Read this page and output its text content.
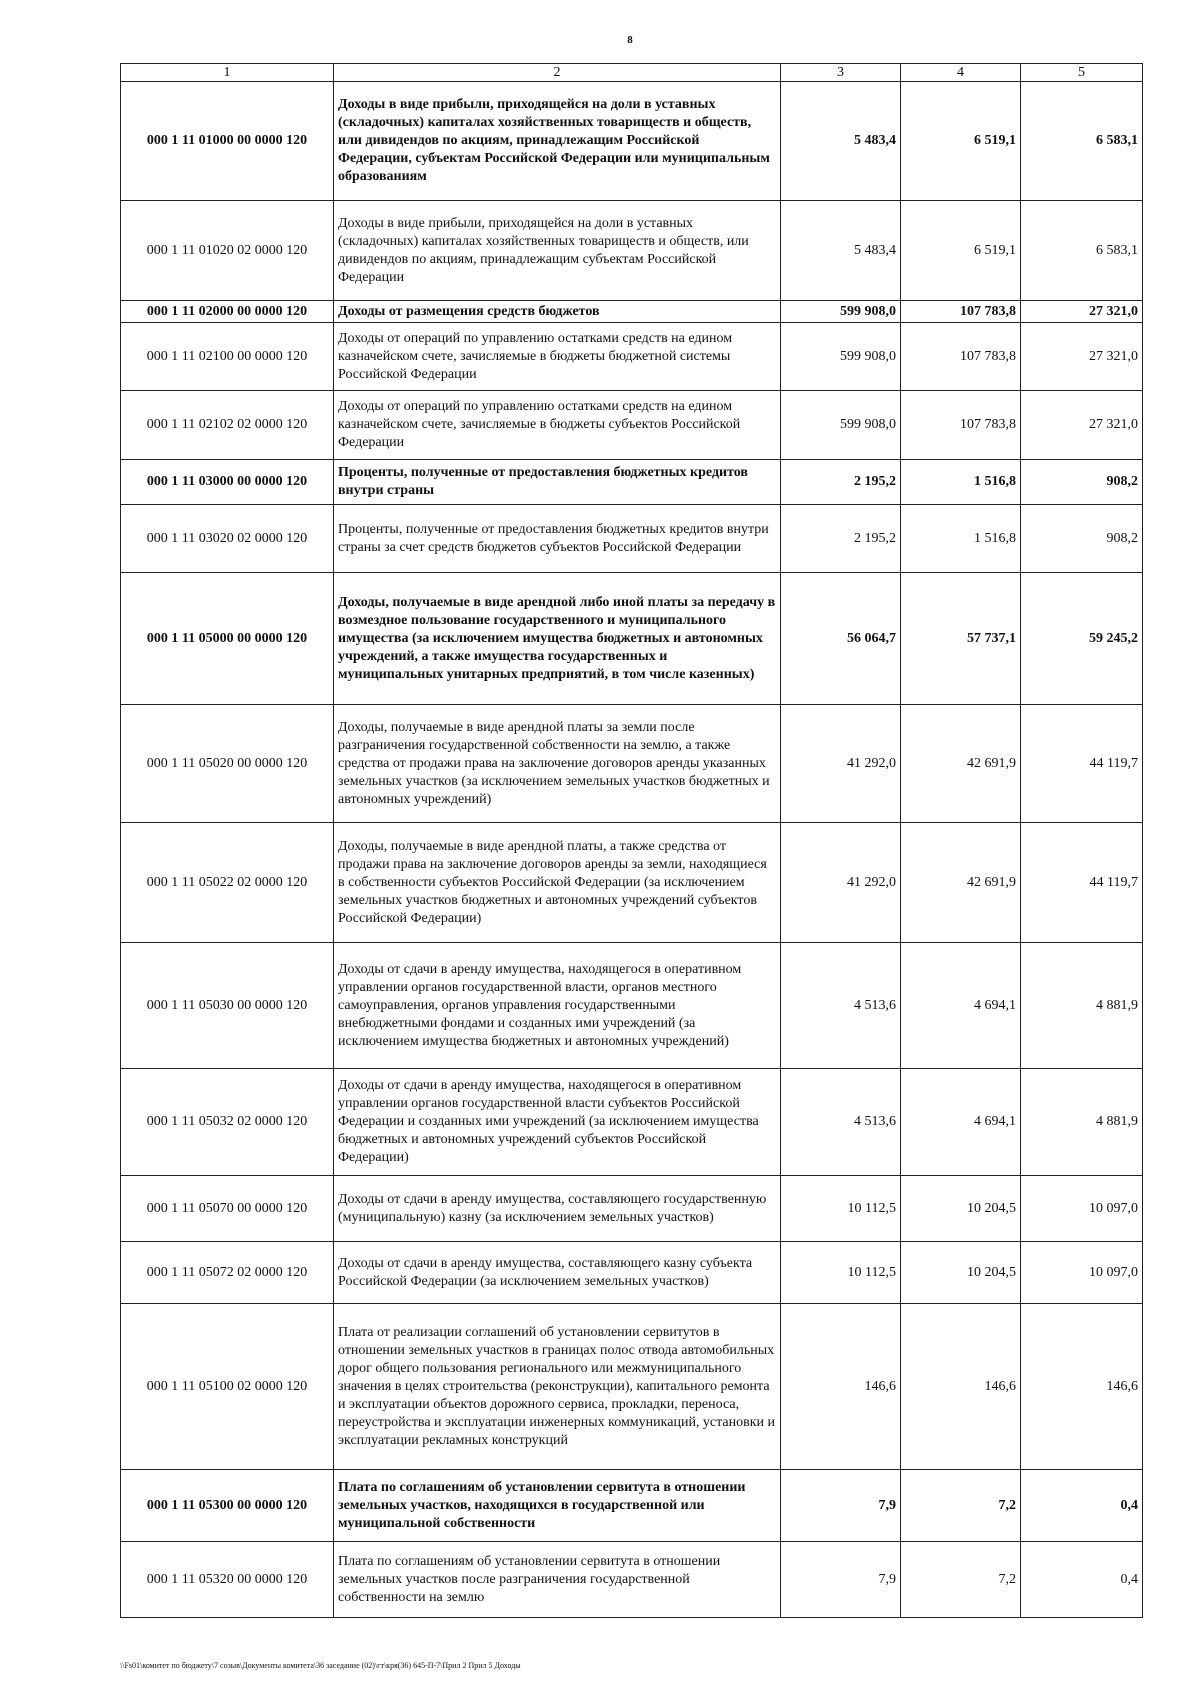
8
1	2	3	4	5
000 1 11 01000 00 0000 120	Доходы в виде прибыли, приходящейся на доли в уставных (складочных) капиталах хозяйственных товариществ и обществ, или дивидендов по акциям, принадлежащим Российской Федерации, субъектам Российской Федерации или муниципальным образованиям	5 483,4	6 519,1	6 583,1
000 1 11 01020 02 0000 120	Доходы в виде прибыли, приходящейся на доли в уставных (складочных) капиталах хозяйственных товариществ и обществ, или дивидендов по акциям, принадлежащим субъектам Российской Федерации	5 483,4	6 519,1	6 583,1
000 1 11 02000 00 0000 120	Доходы от размещения средств бюджетов	599 908,0	107 783,8	27 321,0
000 1 11 02100 00 0000 120	Доходы от операций по управлению остатками средств на едином казначейском счете, зачисляемые в бюджеты бюджетной системы Российской Федерации	599 908,0	107 783,8	27 321,0
000 1 11 02102 02 0000 120	Доходы от операций по управлению остатками средств на едином казначейском счете, зачисляемые в бюджеты субъектов Российской Федерации	599 908,0	107 783,8	27 321,0
000 1 11 03000 00 0000 120	Проценты, полученные от предоставления бюджетных кредитов внутри страны	2 195,2	1 516,8	908,2
000 1 11 03020 02 0000 120	Проценты, полученные от предоставления бюджетных кредитов внутри страны за счет средств бюджетов субъектов Российской Федерации	2 195,2	1 516,8	908,2
000 1 11 05000 00 0000 120	Доходы, получаемые в виде арендной либо иной платы за передачу в возмездное пользование государственного и муниципального имущества (за исключением имущества бюджетных и автономных учреждений, а также имущества государственных и муниципальных унитарных предприятий, в том числе казенных)	56 064,7	57 737,1	59 245,2
000 1 11 05020 00 0000 120	Доходы, получаемые в виде арендной платы за земли после разграничения государственной собственности на землю, а также средства от продажи права на заключение договоров аренды указанных земельных участков (за исключением земельных участков бюджетных и автономных учреждений)	41 292,0	42 691,9	44 119,7
000 1 11 05022 02 0000 120	Доходы, получаемые в виде арендной платы, а также средства от продажи права на заключение договоров аренды за земли, находящиеся в собственности субъектов Российской Федерации (за исключением земельных участков бюджетных и автономных учреждений субъектов Российской Федерации)	41 292,0	42 691,9	44 119,7
000 1 11 05030 00 0000 120	Доходы от сдачи в аренду имущества, находящегося в оперативном управлении органов государственной власти, органов местного самоуправления, органов управления государственными внебюджетными фондами и созданных ими учреждений (за исключением имущества бюджетных и автономных учреждений)	4 513,6	4 694,1	4 881,9
000 1 11 05032 02 0000 120	Доходы от сдачи в аренду имущества, находящегося в оперативном управлении органов государственной власти субъектов Российской Федерации и созданных ими учреждений (за исключением имущества бюджетных и автономных учреждений субъектов Российской Федерации)	4 513,6	4 694,1	4 881,9
000 1 11 05070 00 0000 120	Доходы от сдачи в аренду имущества, составляющего государственную (муниципальную) казну (за исключением земельных участков)	10 112,5	10 204,5	10 097,0
000 1 11 05072 02 0000 120	Доходы от сдачи в аренду имущества, составляющего казну субъекта Российской Федерации (за исключением земельных участков)	10 112,5	10 204,5	10 097,0
000 1 11 05100 02 0000 120	Плата от реализации соглашений об установлении сервитутов в отношении земельных участков в границах полос отвода автомобильных дорог общего пользования регионального или межмуниципального значения в целях строительства (реконструкции), капитального ремонта и эксплуатации объектов дорожного сервиса, прокладки, переноса, переустройства и эксплуатации инженерных коммуникаций, установки и эксплуатации рекламных конструкций	146,6	146,6	146,6
000 1 11 05300 00 0000 120	Плата по соглашениям об установлении сервитута в отношении земельных участков, находящихся в государственной или муниципальной собственности	7,9	7,2	0,4
000 1 11 05320 00 0000 120	Плата по соглашениям об установлении сервитута в отношении земельных участков после разграничения государственной собственности на землю	7,9	7,2	0,4
\\Fs01\комитет по бюджету\7 созыв\Документы комитета\36 заседание (02)\гт\кря(36) 645-П-7\Прил 2 Прил 5 Доходы
